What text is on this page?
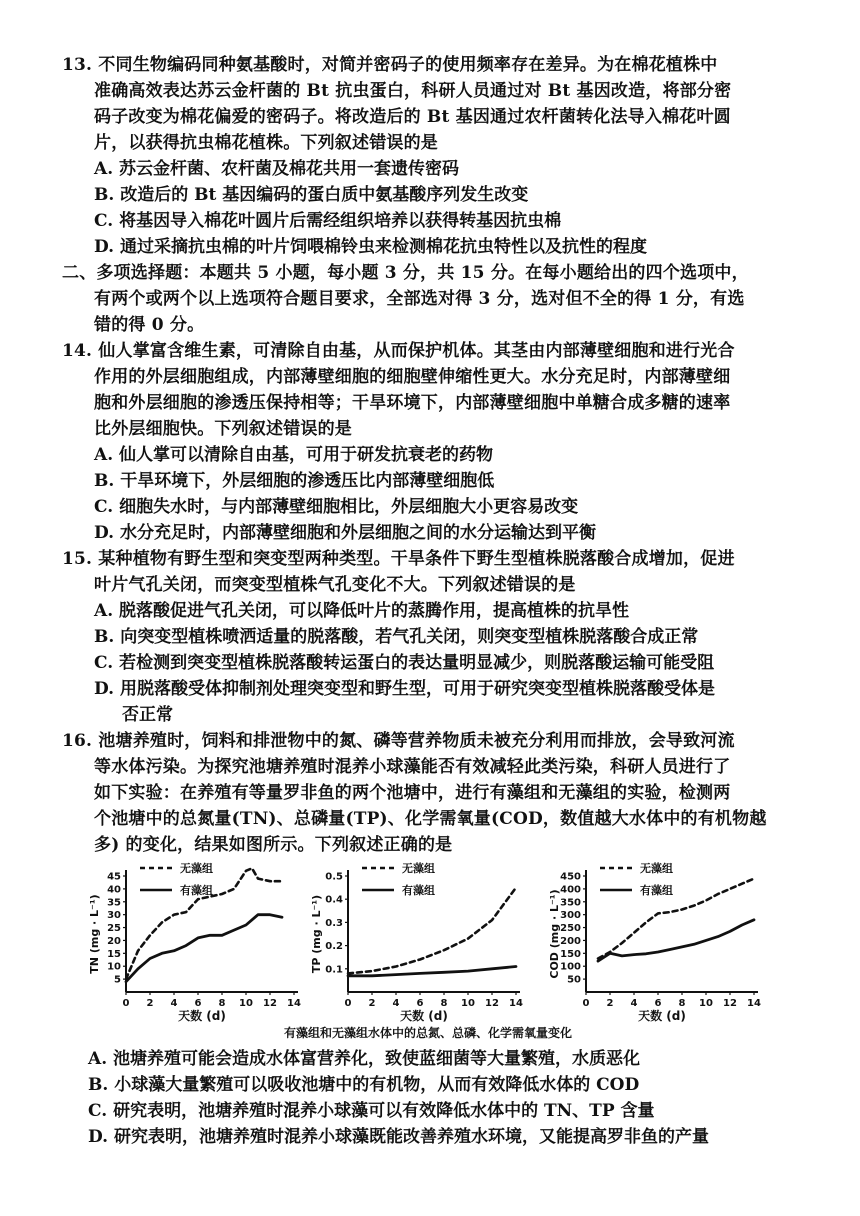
13. 不同生物编码同种氨基酸时，对简并密码子的使用频率存在差异。为在棉花植株中
准确高效表达苏云金杆菌的 Bt 抗虫蛋白，科研人员通过对 Bt 基因改造，将部分密
码子改变为棉花偏爱的密码子。将改造后的 Bt 基因通过农杆菌转化法导入棉花叶圆
片，以获得抗虫棉花植株。下列叙述错误的是
A. 苏云金杆菌、农杆菌及棉花共用一套遗传密码
B. 改造后的 Bt 基因编码的蛋白质中氨基酸序列发生改变
C. 将基因导入棉花叶圆片后需经组织培养以获得转基因抗虫棉
D. 通过采摘抗虫棉的叶片饲喂棉铃虫来检测棉花抗虫特性以及抗性的程度
二、多项选择题：本题共 5 小题，每小题 3 分，共 15 分。在每小题给出的四个选项中，
有两个或两个以上选项符合题目要求，全部选对得 3 分，选对但不全的得 1 分，有选
错的得 0 分。
14. 仙人掌富含维生素，可清除自由基，从而保护机体。其茎由内部薄壁细胞和进行光合
作用的外层细胞组成，内部薄壁细胞的细胞壁伸缩性更大。水分充足时，内部薄壁细
胞和外层细胞的渗透压保持相等；干旱环境下，内部薄壁细胞中单糖合成多糖的速率
比外层细胞快。下列叙述错误的是
A. 仙人掌可以清除自由基，可用于研发抗衰老的药物
B. 干旱环境下，外层细胞的渗透压比内部薄壁细胞低
C. 细胞失水时，与内部薄壁细胞相比，外层细胞大小更容易改变
D. 水分充足时，内部薄壁细胞和外层细胞之间的水分运输达到平衡
15. 某种植物有野生型和突变型两种类型。干旱条件下野生型植株脱落酸合成增加，促进
叶片气孔关闭，而突变型植株气孔变化不大。下列叙述错误的是
A. 脱落酸促进气孔关闭，可以降低叶片的蒸腾作用，提高植株的抗旱性
B. 向突变型植株喷洒适量的脱落酸，若气孔关闭，则突变型植株脱落酸合成正常
C. 若检测到突变型植株脱落酸转运蛋白的表达量明显减少，则脱落酸运输可能受阻
D. 用脱落酸受体抑制剂处理突变型和野生型，可用于研究突变型植株脱落酸受体是
否正常
16. 池塘养殖时，饲料和排泄物中的氮、磷等营养物质未被充分利用而排放，会导致河流
等水体污染。为探究池塘养殖时混养小球藻能否有效减轻此类污染，科研人员进行了
如下实验：在养殖有等量罗非鱼的两个池塘中，进行有藻组和无藻组的实验，检测两
个池塘中的总氮量(TN)、总磷量(TP)、化学需氧量(COD，数值越大水体中的有机物越
多) 的变化，结果如图所示。下列叙述正确的是
0 2 4 6 8 10 12 14
5
10
15
20
25
30
35
40
45
天数 (d)
TN (mg · L⁻¹)
无藻组
有藻组
0 2 4 6 8 10 12 14
0.1
0.2
0.3
0.4
0.5
天数 (d)
TP (mg · L⁻¹)
无藻组
有藻组
0 2 4 6 8 10 12 14
50
100
150
200
250
300
350
400
450
天数 (d)
COD (mg · L⁻¹)
无藻组
有藻组
有藻组和无藻组水体中的总氮、总磷、化学需氧量变化
A. 池塘养殖可能会造成水体富营养化，致使蓝细菌等大量繁殖，水质恶化
B. 小球藻大量繁殖可以吸收池塘中的有机物，从而有效降低水体的 COD
C. 研究表明，池塘养殖时混养小球藻可以有效降低水体中的 TN、TP 含量
D. 研究表明，池塘养殖时混养小球藻既能改善养殖水环境，又能提高罗非鱼的产量
